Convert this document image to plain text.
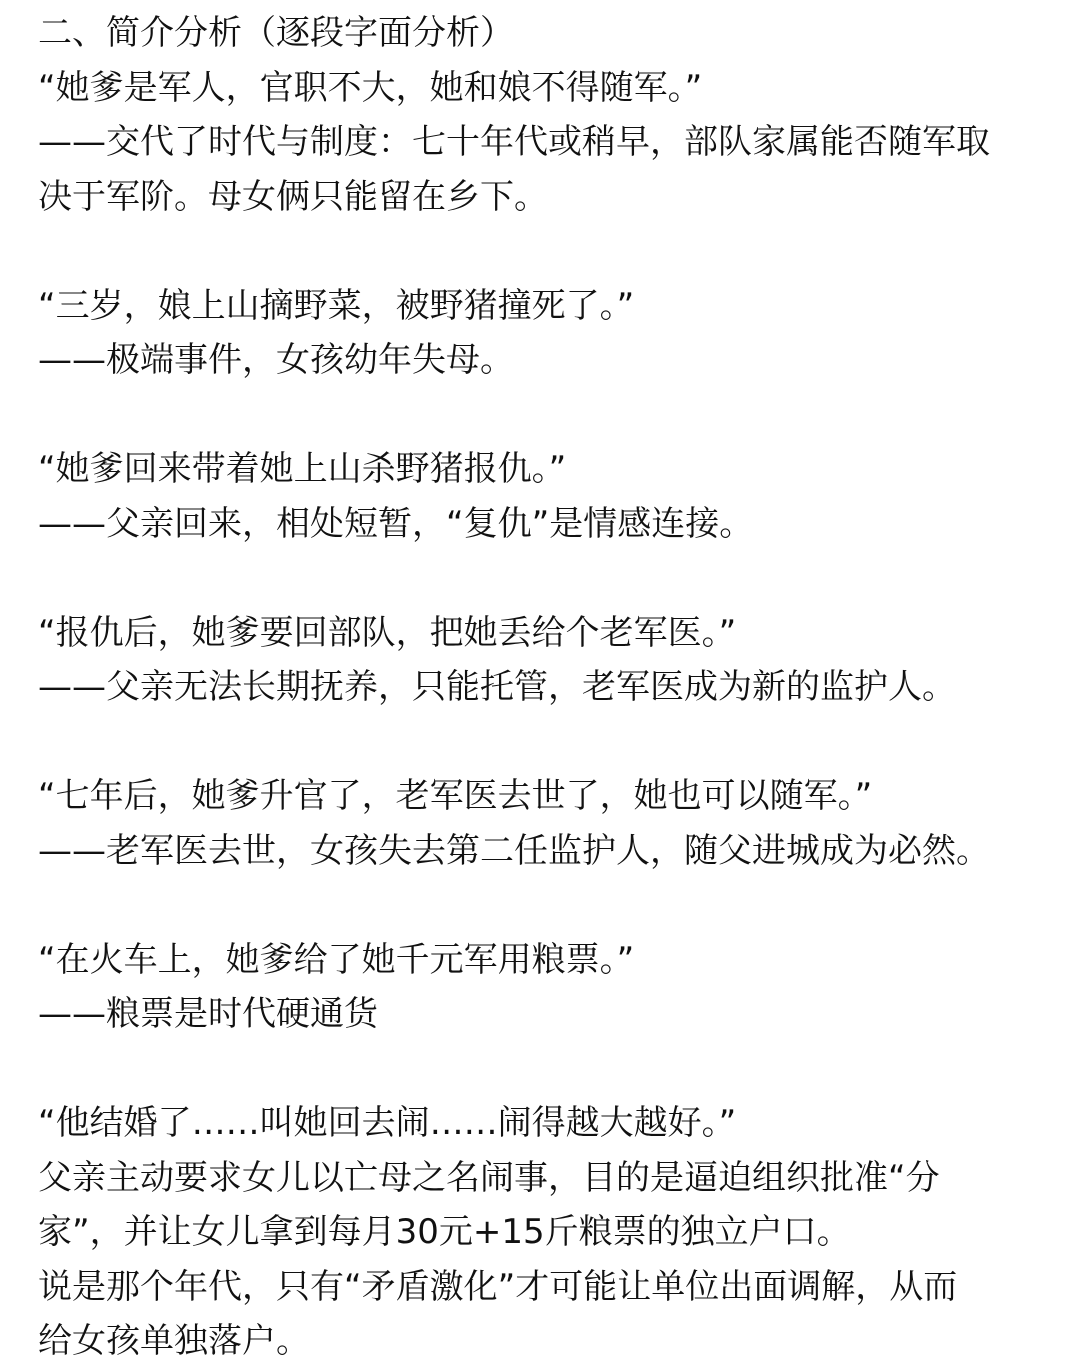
二、简介分析（逐段字面分析）
“她爹是军人，官职不大，她和娘不得随军。”
——交代了时代与制度：七十年代或稍早，部队家属能否随军取
决于军阶。母女俩只能留在乡下。
“三岁，娘上山摘野菜，被野猪撞死了。”
——极端事件，女孩幼年失母。
“她爹回来带着她上山杀野猪报仇。”
——父亲回来，相处短暂，“复仇”是情感连接。
“报仇后，她爹要回部队，把她丢给个老军医。”
——父亲无法长期抚养，只能托管，老军医成为新的监护人。
“七年后，她爹升官了，老军医去世了，她也可以随军。”
——老军医去世，女孩失去第二任监护人，随父进城成为必然。
“在火车上，她爹给了她千元军用粮票。”
——粮票是时代硬通货
“他结婚了……叫她回去闹……闹得越大越好。”
父亲主动要求女儿以亡母之名闹事，目的是逼迫组织批准“分
家”，并让女儿拿到每月30元+15斤粮票的独立户口。
说是那个年代，只有“矛盾激化”才可能让单位出面调解，从而
给女孩单独落户。
